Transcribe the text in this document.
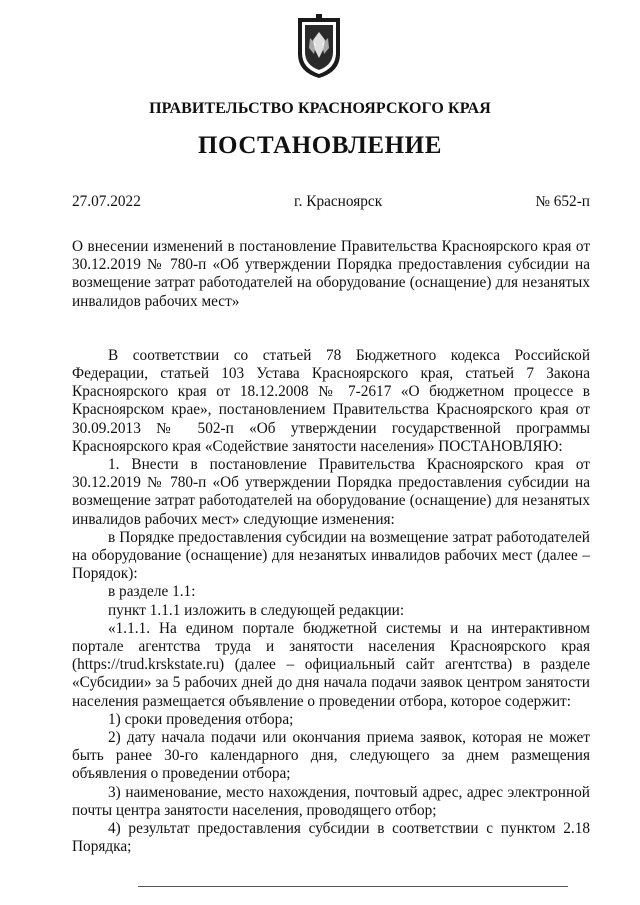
ПРАВИТЕЛЬСТВО КРАСНОЯРСКОГО КРАЯ
ПОСТАНОВЛЕНИЕ
27.07.2022	г. Красноярск	№ 652-п

О внесении изменений в постановление Правительства Красноярского края от 30.12.2019 № 780-п «Об утверждении Порядка предоставления субсидии на возмещение затрат работодателей на оборудование (оснащение) для незанятых инвалидов рабочих мест»

В соответствии со статьей 78 Бюджетного кодекса Российской Федерации, статьей 103 Устава Красноярского края, статьей 7 Закона Красноярского края от 18.12.2008 № 7-2617 «О бюджетном процессе в Красноярском крае», постановлением Правительства Красноярского края от 30.09.2013 № 502-п «Об утверждении государственной программы Красноярского края «Содействие занятости населения» ПОСТАНОВЛЯЮ:

1. Внести в постановление Правительства Красноярского края от 30.12.2019 № 780-п «Об утверждении Порядка предоставления субсидии на возмещение затрат работодателей на оборудование (оснащение) для незанятых инвалидов рабочих мест» следующие изменения:

в Порядке предоставления субсидии на возмещение затрат работодателей на оборудование (оснащение) для незанятых инвалидов рабочих мест (далее – Порядок):

в разделе 1.1:

пункт 1.1.1 изложить в следующей редакции:

«1.1.1. На едином портале бюджетной системы и на интерактивном портале агентства труда и занятости населения Красноярского края (https://trud.krskstate.ru) (далее – официальный сайт агентства) в разделе «Субсидии» за 5 рабочих дней до дня начала подачи заявок центром занятости населения размещается объявление о проведении отбора, которое содержит:

1) сроки проведения отбора;

2) дату начала подачи или окончания приема заявок, которая не может быть ранее 30-го календарного дня, следующего за днем размещения объявления о проведении отбора;

3) наименование, место нахождения, почтовый адрес, адрес электронной почты центра занятости населения, проводящего отбор;

4) результат предоставления субсидии в соответствии с пунктом 2.18 Порядка;
